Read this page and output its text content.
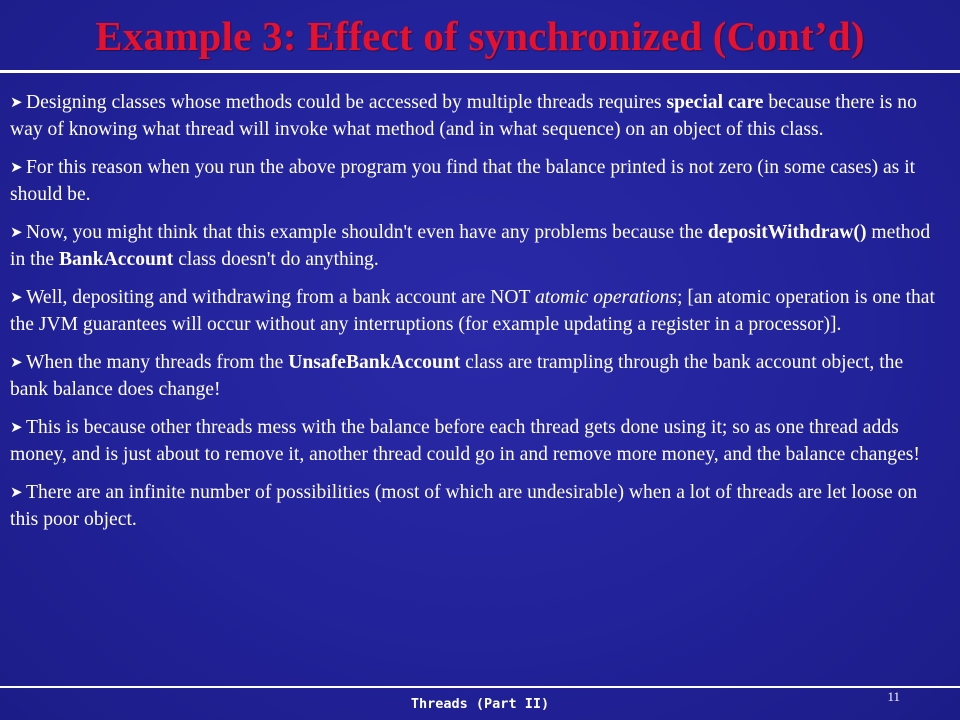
Example 3: Effect of synchronized (Cont’d)
➤ Designing classes whose methods could be accessed by multiple threads requires special care because there is no way of knowing what thread will invoke what method (and in what sequence) on an object of this class.
➤ For this reason when you run the above program you find that the balance printed is not zero (in some cases) as it should be.
➤ Now, you might think that this example shouldn't even have any problems because the depositWithdraw() method in the BankAccount class doesn't do anything.
➤ Well, depositing and withdrawing from a bank account are NOT atomic operations; [an atomic operation is one that the JVM guarantees will occur without any interruptions (for example updating a register in a processor)].
➤ When the many threads from the UnsafeBankAccount class are trampling through the bank account object, the bank balance does change!
➤ This is because other threads mess with the balance before each thread gets done using it; so as one thread adds money, and is just about to remove it, another thread could go in and remove more money, and the balance changes!
➤ There are an infinite number of possibilities (most of which are undesirable) when a lot of threads are let loose on this poor object.
Threads (Part II)	11
